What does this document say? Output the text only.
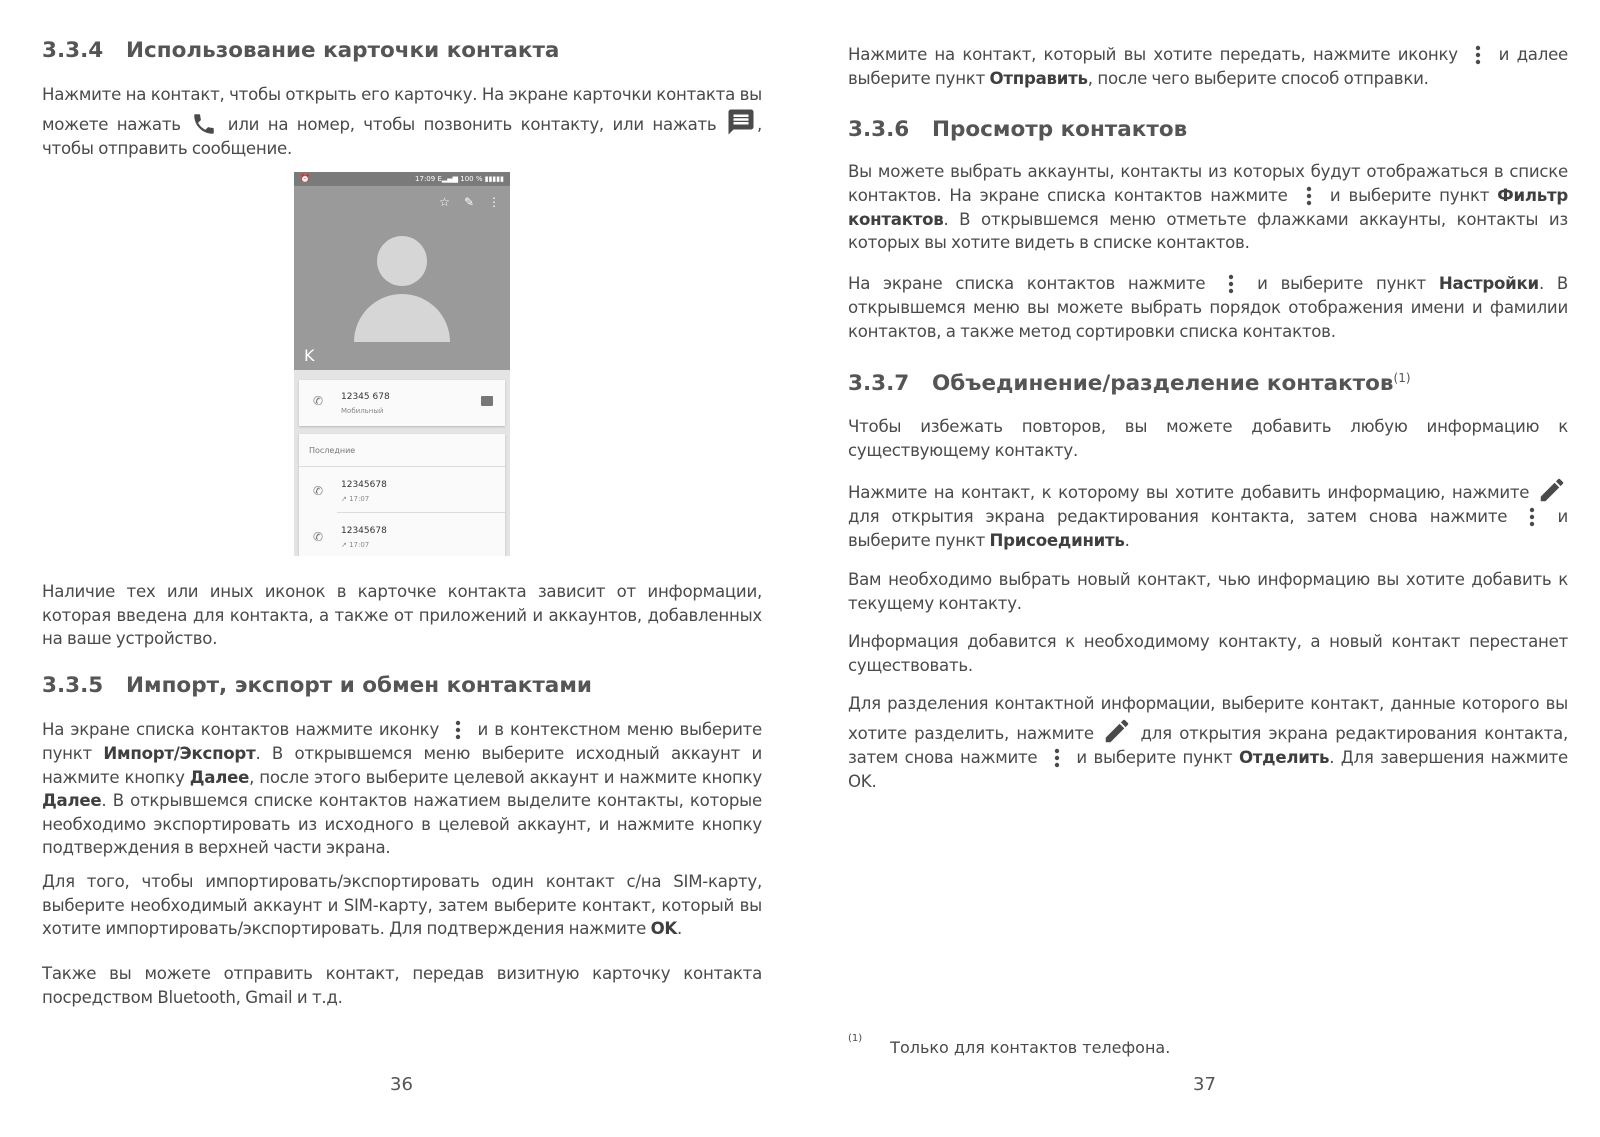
3.3.4 Использование карточки контакта

Нажмите на контакт, чтобы открыть его карточку. На экране карточки контакта вы можете нажать
или на номер, чтобы позвонить контакту, или нажать
, чтобы отправить сообщение.

⏰	17:09 E▂▄▆ 100 % ▮▮▮▮▮
☆ ✎ ⋮
K
✆ 12345 678
Мобильный
Последние
✆ 12345678
↗ 17:07
✆ 12345678
↗ 17:07

Наличие тех или иных иконок в карточке контакта зависит от информации, которая введена для контакта, а также от приложений и аккаунтов, добавленных на ваше устройство.

3.3.5 Импорт, экспорт и обмен контактами

На экране списка контактов нажмите иконку
и в контекстном меню выберите пункт Импорт/Экспорт. В открывшемся меню выберите исходный аккаунт и нажмите кнопку Далее, после этого выберите целевой аккаунт и нажмите кнопку Далее. В открывшемся списке контактов нажатием выделите контакты, которые необходимо экспортировать из исходного в целевой аккаунт, и нажмите кнопку подтверждения в верхней части экрана.

Для того, чтобы импортировать/экспортировать один контакт с/на SIM-карту, выберите необходимый аккаунт и SIM-карту, затем выберите контакт, который вы хотите импортировать/экспортировать. Для подтверждения нажмите OK.

Также вы можете отправить контакт, передав визитную карточку контакта посредством Bluetooth, Gmail и т.д.

36

Нажмите на контакт, который вы хотите передать, нажмите иконку
и далее выберите пункт Отправить, после чего выберите способ отправки.

3.3.6 Просмотр контактов

Вы можете выбрать аккаунты, контакты из которых будут отображаться в списке контактов. На экране списка контактов нажмите
и выберите пункт Фильтр контактов. В открывшемся меню отметьте флажками аккаунты, контакты из которых вы хотите видеть в списке контактов.

На экране списка контактов нажмите
и выберите пункт Настройки. В открывшемся меню вы можете выбрать порядок отображения имени и фамилии контактов, а также метод сортировки списка контактов.

3.3.7 Объединение/разделение контактов$^{(1)}$

Чтобы избежать повторов, вы можете добавить любую информацию к существующему контакту.

Нажмите на контакт, к которому вы хотите добавить информацию, нажмите
для открытия экрана редактирования контакта, затем снова нажмите
и выберите пункт Присоединить.

Вам необходимо выбрать новый контакт, чью информацию вы хотите добавить к текущему контакту.

Информация добавится к необходимому контакту, а новый контакт перестанет существовать.

Для разделения контактной информации, выберите контакт, данные которого вы хотите разделить, нажмите
для открытия экрана редактирования контакта, затем снова нажмите
и выберите пункт Отделить. Для завершения нажмите OK.

$^{(1)}$ Только для контактов телефона.
37
